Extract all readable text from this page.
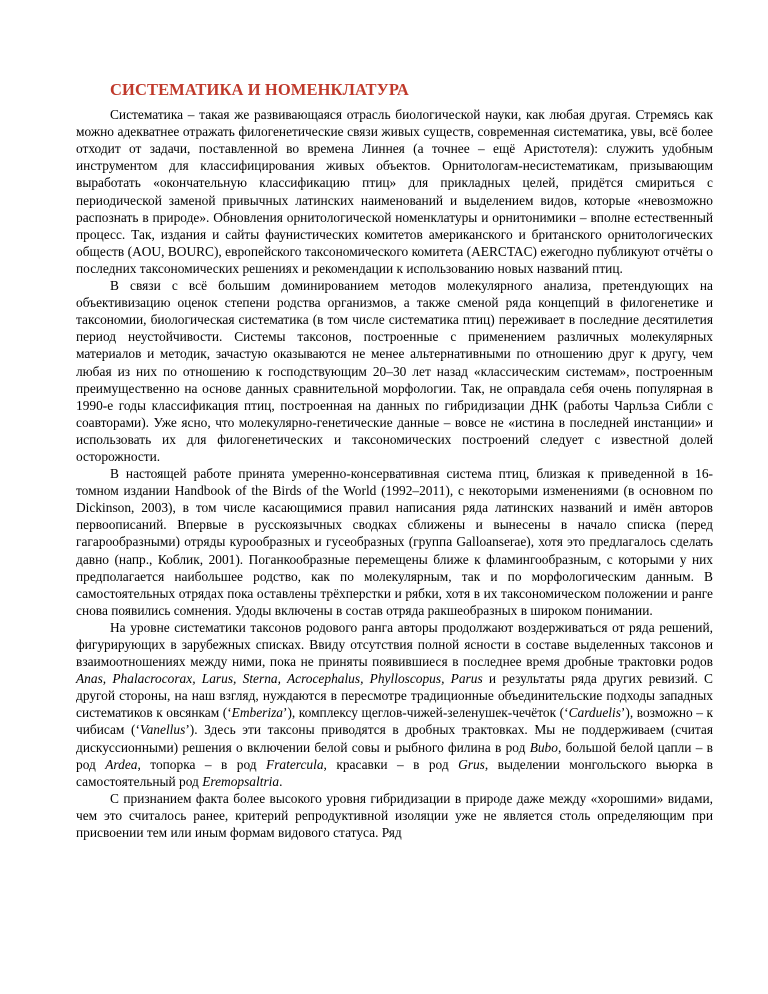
СИСТЕМАТИКА И НОМЕНКЛАТУРА

Систематика – такая же развивающаяся отрасль биологической науки, как любая другая. Стремясь как можно адекватнее отражать филогенетические связи живых существ, современная систематика, увы, всё более отходит от задачи, поставленной во времена Линнея (а точнее – ещё Аристотеля): служить удобным инструментом для классифицирования живых объектов. Орнитологам-несистематикам, призывающим выработать «окончательную классификацию птиц» для прикладных целей, придётся смириться с периодической заменой привычных латинских наименований и выделением видов, которые «невозможно распознать в природе». Обновления орнитологической номенклатуры и орнитонимики – вполне естественный процесс. Так, издания и сайты фаунистических комитетов американского и британского орнитологических обществ (AOU, BOURC), европейского таксономического комитета (AERCTAC) ежегодно публикуют отчёты о последних таксономических решениях и рекомендации к использованию новых названий птиц.

В связи с всё большим доминированием методов молекулярного анализа, претендующих на объективизацию оценок степени родства организмов, а также сменой ряда концепций в филогенетике и таксономии, биологическая систематика (в том числе систематика птиц) переживает в последние десятилетия период неустойчивости. Системы таксонов, построенные с применением различных молекулярных материалов и методик, зачастую оказываются не менее альтернативными по отношению друг к другу, чем любая из них по отношению к господствующим 20–30 лет назад «классическим системам», построенным преимущественно на основе данных сравнительной морфологии. Так, не оправдала себя очень популярная в 1990-е годы классификация птиц, построенная на данных по гибридизации ДНК (работы Чарльза Сибли с соавторами). Уже ясно, что молекулярно-генетические данные – вовсе не «истина в последней инстанции» и использовать их для филогенетических и таксономических построений следует с известной долей осторожности.

В настоящей работе принята умеренно-консервативная система птиц, близкая к приведенной в 16-томном издании Handbook of the Birds of the World (1992–2011), с некоторыми изменениями (в основном по Dickinson, 2003), в том числе касающимися правил написания ряда латинских названий и имён авторов первоописаний. Впервые в русскоязычных сводках сближены и вынесены в начало списка (перед гагарообразными) отряды курообразных и гусеобразных (группа Galloanserae), хотя это предлагалось сделать давно (напр., Коблик, 2001). Поганкообразные перемещены ближе к фламингообразным, с которыми у них предполагается наибольшее родство, как по молекулярным, так и по морфологическим данным. В самостоятельных отрядах пока оставлены трёхперстки и рябки, хотя в их таксономическом положении и ранге снова появились сомнения. Удоды включены в состав отряда ракшеобразных в широком понимании.

На уровне систематики таксонов родового ранга авторы продолжают воздерживаться от ряда решений, фигурирующих в зарубежных списках. Ввиду отсутствия полной ясности в составе выделенных таксонов и взаимоотношениях между ними, пока не приняты появившиеся в последнее время дробные трактовки родов Anas, Phalacrocorax, Larus, Sterna, Acrocephalus, Phylloscopus, Parus и результаты ряда других ревизий. С другой стороны, на наш взгляд, нуждаются в пересмотре традиционные объединительские подходы западных систематиков к овсянкам (‘Emberiza’), комплексу щеглов-чижей-зеленушек-чечёток (‘Carduelis’), возможно – к чибисам (‘Vanellus’). Здесь эти таксоны приводятся в дробных трактовках. Мы не поддерживаем (считая дискуссионными) решения о включении белой совы и рыбного филина в род Bubo, большой белой цапли – в род Ardea, топорка – в род Fratercula, красавки – в род Grus, выделении монгольского вьюрка в самостоятельный род Eremopsaltria.

С признанием факта более высокого уровня гибридизации в природе даже между «хорошими» видами, чем это считалось ранее, критерий репродуктивной изоляции уже не является столь определяющим при присвоении тем или иным формам видового статуса. Ряд
